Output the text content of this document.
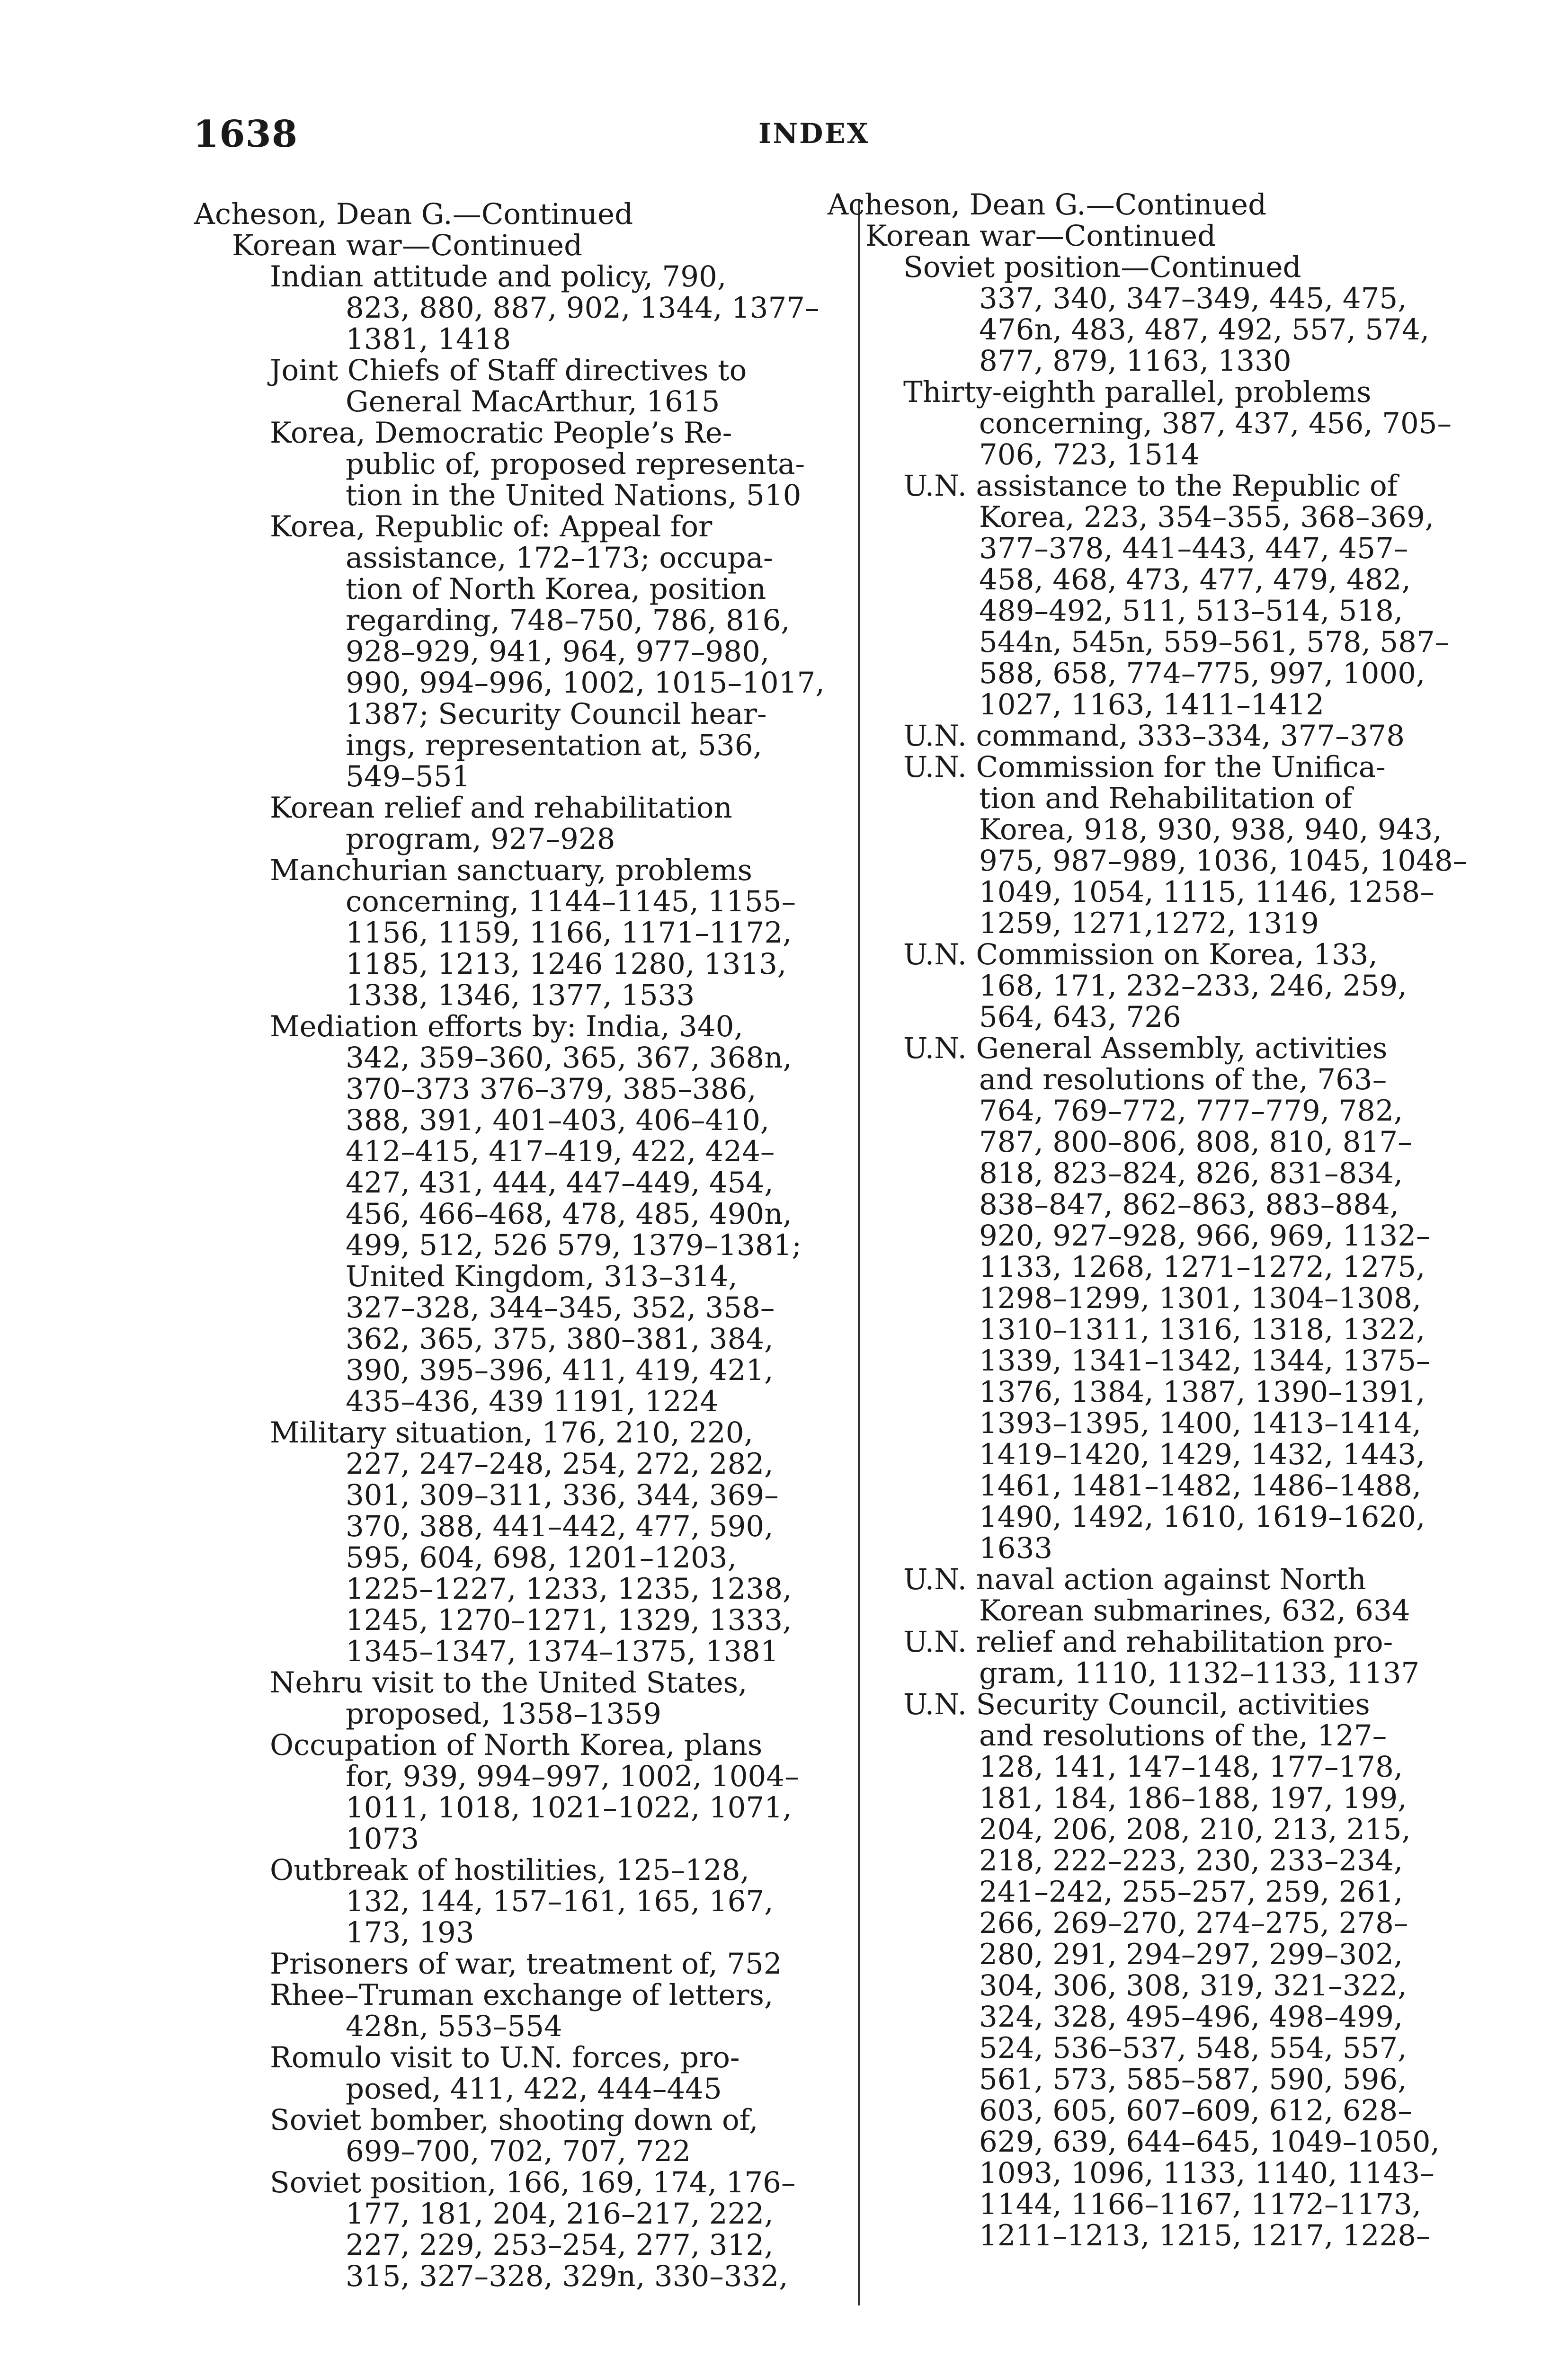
1638	INDEX
Acheson, Dean G.—Continued
Korean war—Continued
Indian attitude and policy, 790,
823, 880, 887, 902, 1344, 1377–
1381, 1418
Joint Chiefs of Staff directives to
General MacArthur, 1615
Korea, Democratic People’s Re-
public of, proposed representa-
tion in the United Nations, 510
Korea, Republic of: Appeal for
assistance, 172–173; occupa-
tion of North Korea, position
regarding, 748–750, 786, 816,
928–929, 941, 964, 977–980,
990, 994–996, 1002, 1015–1017,
1387; Security Council hear-
ings, representation at, 536,
549–551
Korean relief and rehabilitation
program, 927–928
Manchurian sanctuary, problems
concerning, 1144–1145, 1155–
1156, 1159, 1166, 1171–1172,
1185, 1213, 1246 1280, 1313,
1338, 1346, 1377, 1533
Mediation efforts by: India, 340,
342, 359–360, 365, 367, 368n,
370–373 376–379, 385–386,
388, 391, 401–403, 406–410,
412–415, 417–419, 422, 424–
427, 431, 444, 447–449, 454,
456, 466–468, 478, 485, 490n,
499, 512, 526 579, 1379–1381;
United Kingdom, 313–314,
327–328, 344–345, 352, 358–
362, 365, 375, 380–381, 384,
390, 395–396, 411, 419, 421,
435–436, 439 1191, 1224
Military situation, 176, 210, 220,
227, 247–248, 254, 272, 282,
301, 309–311, 336, 344, 369–
370, 388, 441–442, 477, 590,
595, 604, 698, 1201–1203,
1225–1227, 1233, 1235, 1238,
1245, 1270–1271, 1329, 1333,
1345–1347, 1374–1375, 1381
Nehru visit to the United States,
proposed, 1358–1359
Occupation of North Korea, plans
for, 939, 994–997, 1002, 1004–
1011, 1018, 1021–1022, 1071,
1073
Outbreak of hostilities, 125–128,
132, 144, 157–161, 165, 167,
173, 193
Prisoners of war, treatment of, 752
Rhee–Truman exchange of letters,
428n, 553–554
Romulo visit to U.N. forces, pro-
posed, 411, 422, 444–445
Soviet bomber, shooting down of,
699–700, 702, 707, 722
Soviet position, 166, 169, 174, 176–
177, 181, 204, 216–217, 222,
227, 229, 253–254, 277, 312,
315, 327–328, 329n, 330–332,
Acheson, Dean G.—Continued
Korean war—Continued
Soviet position—Continued
337, 340, 347–349, 445, 475,
476n, 483, 487, 492, 557, 574,
877, 879, 1163, 1330
Thirty-eighth parallel, problems
concerning, 387, 437, 456, 705–
706, 723, 1514
U.N. assistance to the Republic of
Korea, 223, 354–355, 368–369,
377–378, 441–443, 447, 457–
458, 468, 473, 477, 479, 482,
489–492, 511, 513–514, 518,
544n, 545n, 559–561, 578, 587–
588, 658, 774–775, 997, 1000,
1027, 1163, 1411–1412
U.N. command, 333–334, 377–378
U.N. Commission for the Unifica-
tion and Rehabilitation of
Korea, 918, 930, 938, 940, 943,
975, 987–989, 1036, 1045, 1048–
1049, 1054, 1115, 1146, 1258–
1259, 1271,1272, 1319
U.N. Commission on Korea, 133,
168, 171, 232–233, 246, 259,
564, 643, 726
U.N. General Assembly, activities
and resolutions of the, 763–
764, 769–772, 777–779, 782,
787, 800–806, 808, 810, 817–
818, 823–824, 826, 831–834,
838–847, 862–863, 883–884,
920, 927–928, 966, 969, 1132–
1133, 1268, 1271–1272, 1275,
1298–1299, 1301, 1304–1308,
1310–1311, 1316, 1318, 1322,
1339, 1341–1342, 1344, 1375–
1376, 1384, 1387, 1390–1391,
1393–1395, 1400, 1413–1414,
1419–1420, 1429, 1432, 1443,
1461, 1481–1482, 1486–1488,
1490, 1492, 1610, 1619–1620,
1633
U.N. naval action against North
Korean submarines, 632, 634
U.N. relief and rehabilitation pro-
gram, 1110, 1132–1133, 1137
U.N. Security Council, activities
and resolutions of the, 127–
128, 141, 147–148, 177–178,
181, 184, 186–188, 197, 199,
204, 206, 208, 210, 213, 215,
218, 222–223, 230, 233–234,
241–242, 255–257, 259, 261,
266, 269–270, 274–275, 278–
280, 291, 294–297, 299–302,
304, 306, 308, 319, 321–322,
324, 328, 495–496, 498–499,
524, 536–537, 548, 554, 557,
561, 573, 585–587, 590, 596,
603, 605, 607–609, 612, 628–
629, 639, 644–645, 1049–1050,
1093, 1096, 1133, 1140, 1143–
1144, 1166–1167, 1172–1173,
1211–1213, 1215, 1217, 1228–
